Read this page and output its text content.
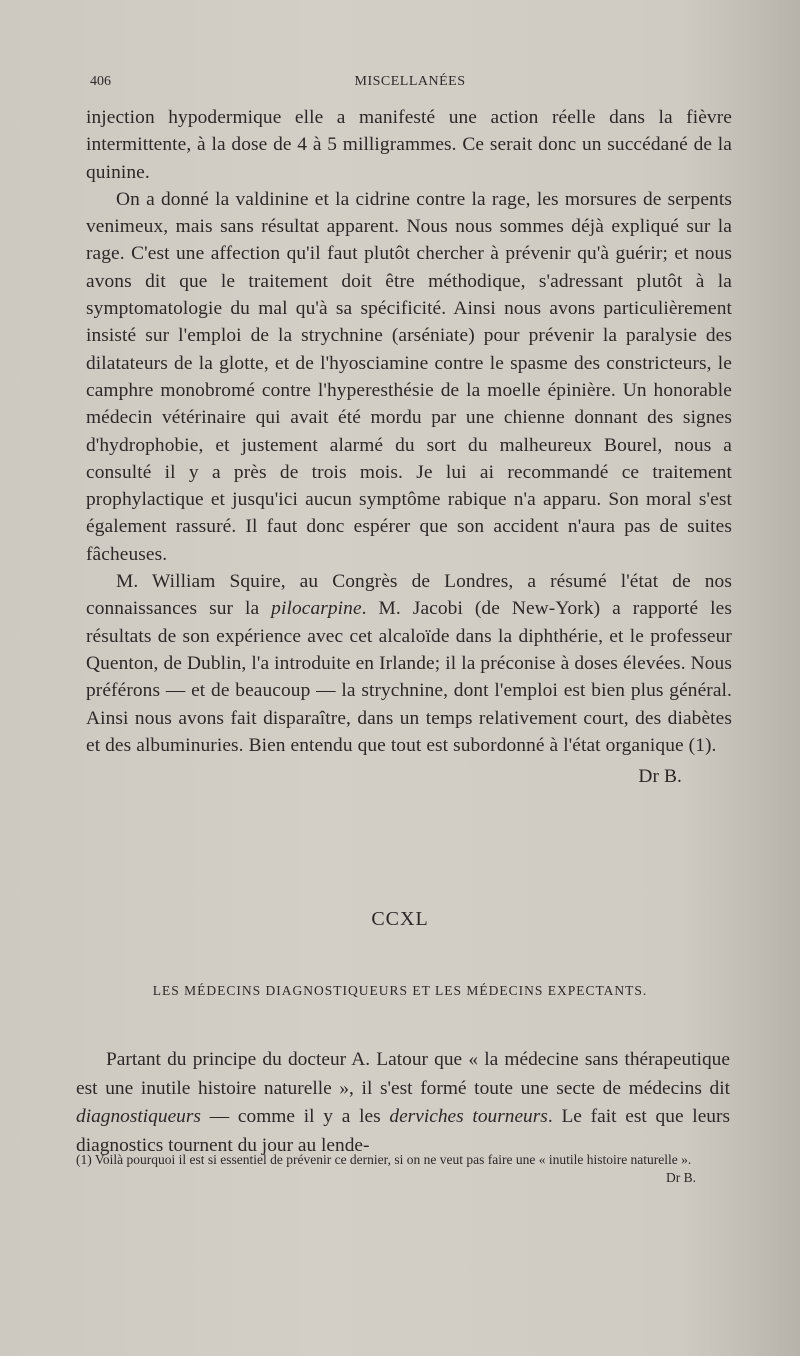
406	MISCELLANÉES

injection hypodermique elle a manifesté une action réelle dans la fièvre intermittente, à la dose de 4 à 5 milligrammes. Ce serait donc un succédané de la quinine.

On a donné la valdinine et la cidrine contre la rage, les morsures de serpents venimeux, mais sans résultat apparent. Nous nous sommes déjà expliqué sur la rage. C'est une affection qu'il faut plutôt chercher à prévenir qu'à guérir; et nous avons dit que le traitement doit être méthodique, s'adressant plutôt à la symptomatologie du mal qu'à sa spécificité. Ainsi nous avons particulièrement insisté sur l'emploi de la strychnine (arséniate) pour prévenir la paralysie des dilatateurs de la glotte, et de l'hyosciamine contre le spasme des constricteurs, le camphre monobromé contre l'hyperesthésie de la moelle épinière. Un honorable médecin vétérinaire qui avait été mordu par une chienne donnant des signes d'hydrophobie, et justement alarmé du sort du malheureux Bourel, nous a consulté il y a près de trois mois. Je lui ai recommandé ce traitement prophylactique et jusqu'ici aucun symptôme rabique n'a apparu. Son moral s'est également rassuré. Il faut donc espérer que son accident n'aura pas de suites fâcheuses.

M. William Squire, au Congrès de Londres, a résumé l'état de nos connaissances sur la pilocarpine. M. Jacobi (de New-York) a rapporté les résultats de son expérience avec cet alcaloïde dans la diphthérie, et le professeur Quenton, de Dublin, l'a introduite en Irlande; il la préconise à doses élevées. Nous préférons — et de beaucoup — la strychnine, dont l'emploi est bien plus général. Ainsi nous avons fait disparaître, dans un temps relativement court, des diabètes et des albuminuries. Bien entendu que tout est subordonné à l'état organique (1).

Dr B.

CCXL
LES MÉDECINS DIAGNOSTIQUEURS ET LES MÉDECINS EXPECTANTS.

Partant du principe du docteur A. Latour que « la médecine sans thérapeutique est une inutile histoire naturelle », il s'est formé toute une secte de médecins dit diagnostiqueurs — comme il y a les derviches tourneurs. Le fait est que leurs diagnostics tournent du jour au lende-

(1) Voilà pourquoi il est si essentiel de prévenir ce dernier, si on ne veut pas faire une « inutile histoire naturelle ».

Dr B.
